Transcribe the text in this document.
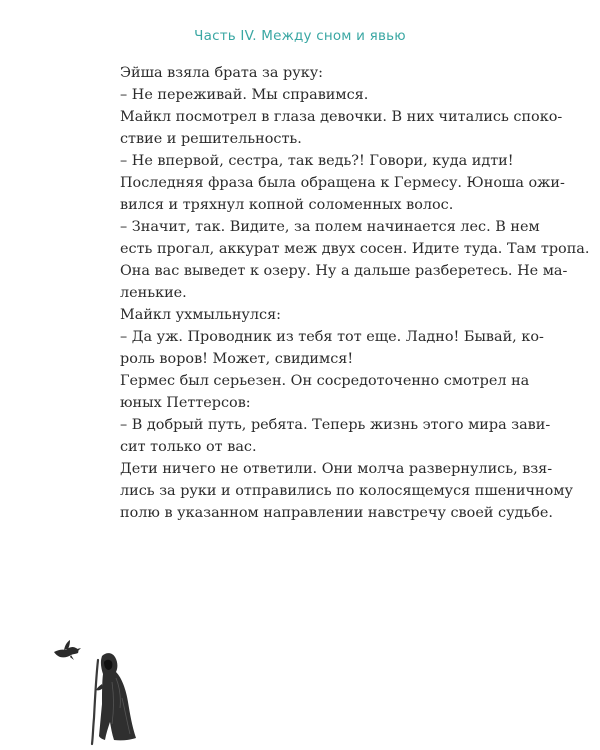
Часть IV. Между сном и явью

Эйша взяла брата за руку:

– Не переживай. Мы справимся.

Майкл посмотрел в глаза девочки. В них читались споко-
ствие и решительность.

– Не впервой, сестра, так ведь?! Говори, куда идти!

Последняя фраза была обращена к Гермесу. Юноша ожи-
вился и тряхнул копной соломенных волос.

– Значит, так. Видите, за полем начинается лес. В нем
есть прогал, аккурат меж двух сосен. Идите туда. Там тропа.
Она вас выведет к озеру. Ну а дальше разберетесь. Не ма-
ленькие.

Майкл ухмыльнулся:

– Да уж. Проводник из тебя тот еще. Ладно! Бывай, ко-
роль воров! Может, свидимся!

Гермес был серьезен. Он сосредоточенно смотрел на
юных Петтерсов:

– В добрый путь, ребята. Теперь жизнь этого мира зави-
сит только от вас.

Дети ничего не ответили. Они молча развернулись, взя-
лись за руки и отправились по колосящемуся пшеничному
полю в указанном направлении навстречу своей судьбе.
